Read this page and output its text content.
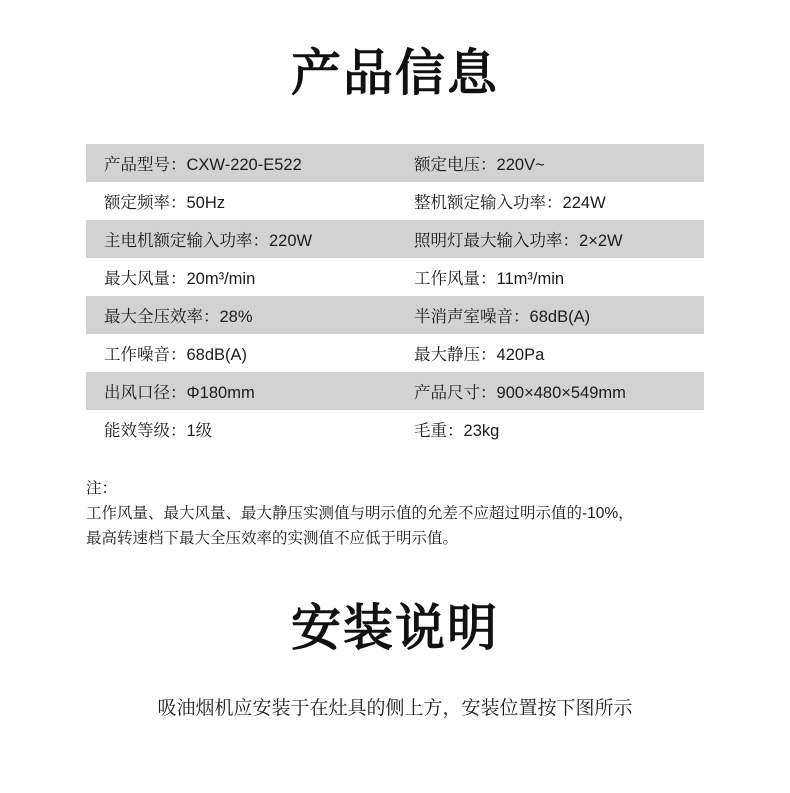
产品信息
产品型号：CXW-220-E522	额定电压：220V~
额定频率：50Hz	整机额定输入功率：224W
主电机额定输入功率：220W	照明灯最大输入功率：2×2W
最大风量：20m³/min	工作风量：11m³/min
最大全压效率：28%	半消声室噪音：68dB(A)
工作噪音：68dB(A)	最大静压：420Pa
出风口径：Φ180mm	产品尺寸：900×480×549mm
能效等级：1级	毛重：23kg
注：
工作风量、最大风量、最大静压实测值与明示值的允差不应超过明示值的-10%，
最高转速档下最大全压效率的实测值不应低于明示值。
安装说明
吸油烟机应安装于在灶具的侧上方，安装位置按下图所示
